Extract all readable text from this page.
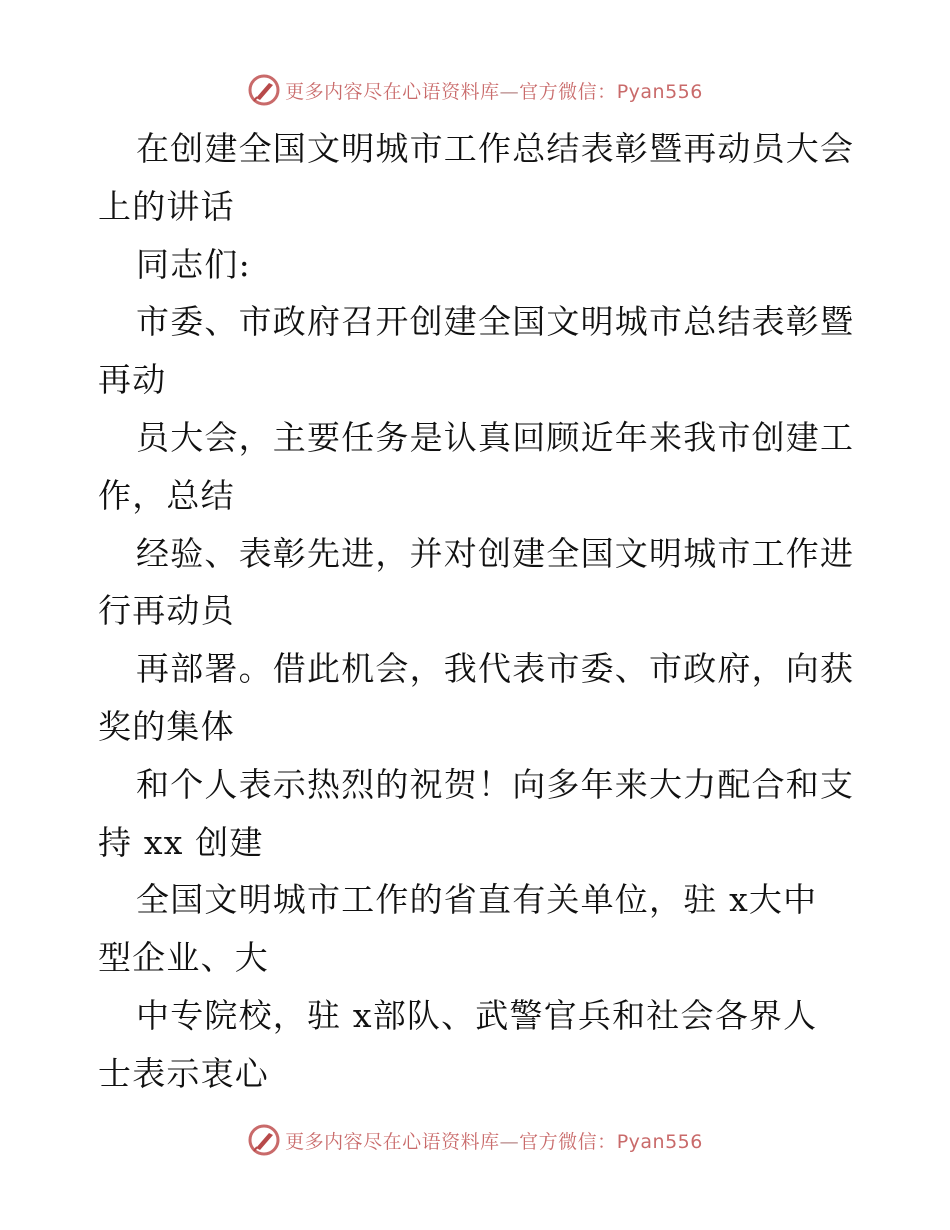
更多内容尽在心语资料库—官方微信：Pyan556
在创建全国文明城市工作总结表彰暨再动员大会
上的讲话
同志们:
市委、市政府召开创建全国文明城市总结表彰暨
再动
员大会，主要任务是认真回顾近年来我市创建工
作，总结
经验、表彰先进，并对创建全国文明城市工作进
行再动员
再部署。借此机会，我代表市委、市政府，向获
奖的集体
和个人表示热烈的祝贺！向多年来大力配合和支
持 xx 创建
全国文明城市工作的省直有关单位，驻 x大中
型企业、大
中专院校，驻 x部队、武警官兵和社会各界人
士表示衷心
更多内容尽在心语资料库—官方微信：Pyan556
